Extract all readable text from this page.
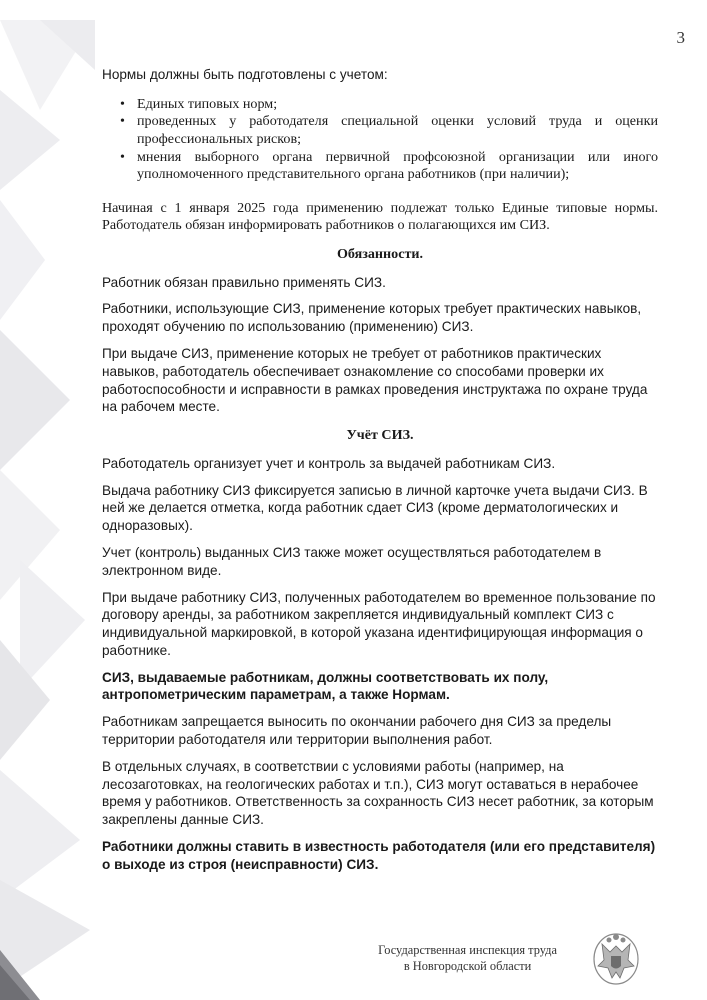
3

Нормы должны быть подготовлены с учетом:

• Единых типовых норм;
• проведенных у работодателя специальной оценки условий труда и оценки профессиональных рисков;
• мнения выборного органа первичной профсоюзной организации или иного уполномоченного представительного органа работников (при наличии);

Начиная с 1 января 2025 года применению подлежат только Единые типовые нормы. Работодатель обязан информировать работников о полагающихся им СИЗ.

Обязанности.

Работник обязан правильно применять СИЗ.

Работники, использующие СИЗ, применение которых требует практических навыков, проходят обучению по использованию (применению) СИЗ.

При выдаче СИЗ, применение которых не требует от работников практических навыков, работодатель обеспечивает ознакомление со способами проверки их работоспособности и исправности в рамках проведения инструктажа по охране труда на рабочем месте.

Учёт СИЗ.

Работодатель организует учет и контроль за выдачей работникам СИЗ.

Выдача работнику СИЗ фиксируется записью в личной карточке учета выдачи СИЗ. В ней же делается отметка, когда работник сдает СИЗ (кроме дерматологических и одноразовых).

Учет (контроль) выданных СИЗ также может осуществляться работодателем в электронном виде.

При выдаче работнику СИЗ, полученных работодателем во временное пользование по договору аренды, за работником закрепляется индивидуальный комплект СИЗ с индивидуальной маркировкой, в которой указана идентифицирующая информация о работнике.

СИЗ, выдаваемые работникам, должны соответствовать их полу, антропометрическим параметрам, а также Нормам.

Работникам запрещается выносить по окончании рабочего дня СИЗ за пределы территории работодателя или территории выполнения работ.

В отдельных случаях, в соответствии с условиями работы (например, на лесозаготовках, на геологических работах и т.п.), СИЗ могут оставаться в нерабочее время у работников. Ответственность за сохранность СИЗ несет работник, за которым закреплены данные СИЗ.

Работники должны ставить в известность работодателя (или его представителя) о выходе из строя (неисправности) СИЗ.

Государственная инспекция труда
в Новгородской области
